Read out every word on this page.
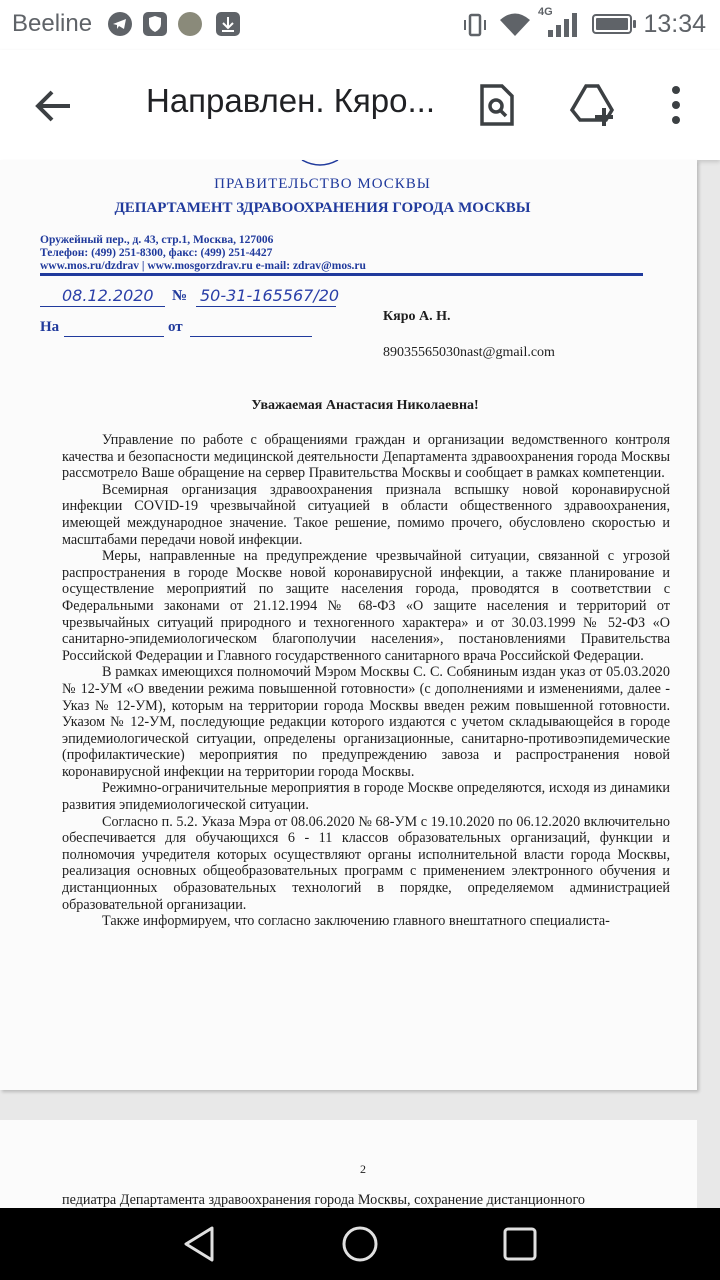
Beeline	4G	13:34
Направлен. Кяро...
ПРАВИТЕЛЬСТВО МОСКВЫ
ДЕПАРТАМЕНТ ЗДРАВООХРАНЕНИЯ ГОРОДА МОСКВЫ
Оружейный пер., д. 43, стр.1, Москва, 127006
Телефон: (499) 251-8300, факс: (499) 251-4427
www.mos.ru/dzdrav | www.mosgorzdrav.ru e-mail: zdrav@mos.ru
08.12.2020 № 50-31-165567/20
На	от
Кяро А. Н.
89035565030nast@gmail.com
Уважаемая Анастасия Николаевна!

Управление по работе с обращениями граждан и организации ведомственного контроля качества и безопасности медицинской деятельности Департамента здравоохранения города Москвы рассмотрело Ваше обращение на сервер Правительства Москвы и сообщает в рамках компетенции.

Всемирная организация здравоохранения признала вспышку новой коронавирусной инфекции COVID-19 чрезвычайной ситуацией в области общественного здравоохранения, имеющей международное значение. Такое решение, помимо прочего, обусловлено скоростью и масштабами передачи новой инфекции.

Меры, направленные на предупреждение чрезвычайной ситуации, связанной с угрозой распространения в городе Москве новой коронавирусной инфекции, а также планирование и осуществление мероприятий по защите населения города, проводятся в соответствии с Федеральными законами от 21.12.1994 № 68-ФЗ «О защите населения и территорий от чрезвычайных ситуаций природного и техногенного характера» и от 30.03.1999 № 52-ФЗ «О санитарно-эпидемиологическом благополучии населения», постановлениями Правительства Российской Федерации и Главного государственного санитарного врача Российской Федерации.

В рамках имеющихся полномочий Мэром Москвы С. С. Собяниным издан указ от 05.03.2020 № 12-УМ «О введении режима повышенной готовности» (с дополнениями и изменениями, далее - Указ № 12-УМ), которым на территории города Москвы введен режим повышенной готовности. Указом № 12-УМ, последующие редакции которого издаются с учетом складывающейся в городе эпидемиологической ситуации, определены организационные, санитарно-противоэпидемические (профилактические) мероприятия по предупреждению завоза и распространения новой коронавирусной инфекции на территории города Москвы.

Режимно-ограничительные мероприятия в городе Москве определяются, исходя из динамики развития эпидемиологической ситуации.

Согласно п. 5.2. Указа Мэра от 08.06.2020 № 68-УМ с 19.10.2020 по 06.12.2020 включительно обеспечивается для обучающихся 6 - 11 классов образовательных организаций, функции и полномочия учредителя которых осуществляют органы исполнительной власти города Москвы, реализация основных общеобразовательных программ с применением электронного обучения и дистанционных образовательных технологий в порядке, определяемом администрацией образовательной организации.

Также информируем, что согласно заключению главного внештатного специалиста-

2
педиатра Департамента здравоохранения города Москвы, сохранение дистанционного
